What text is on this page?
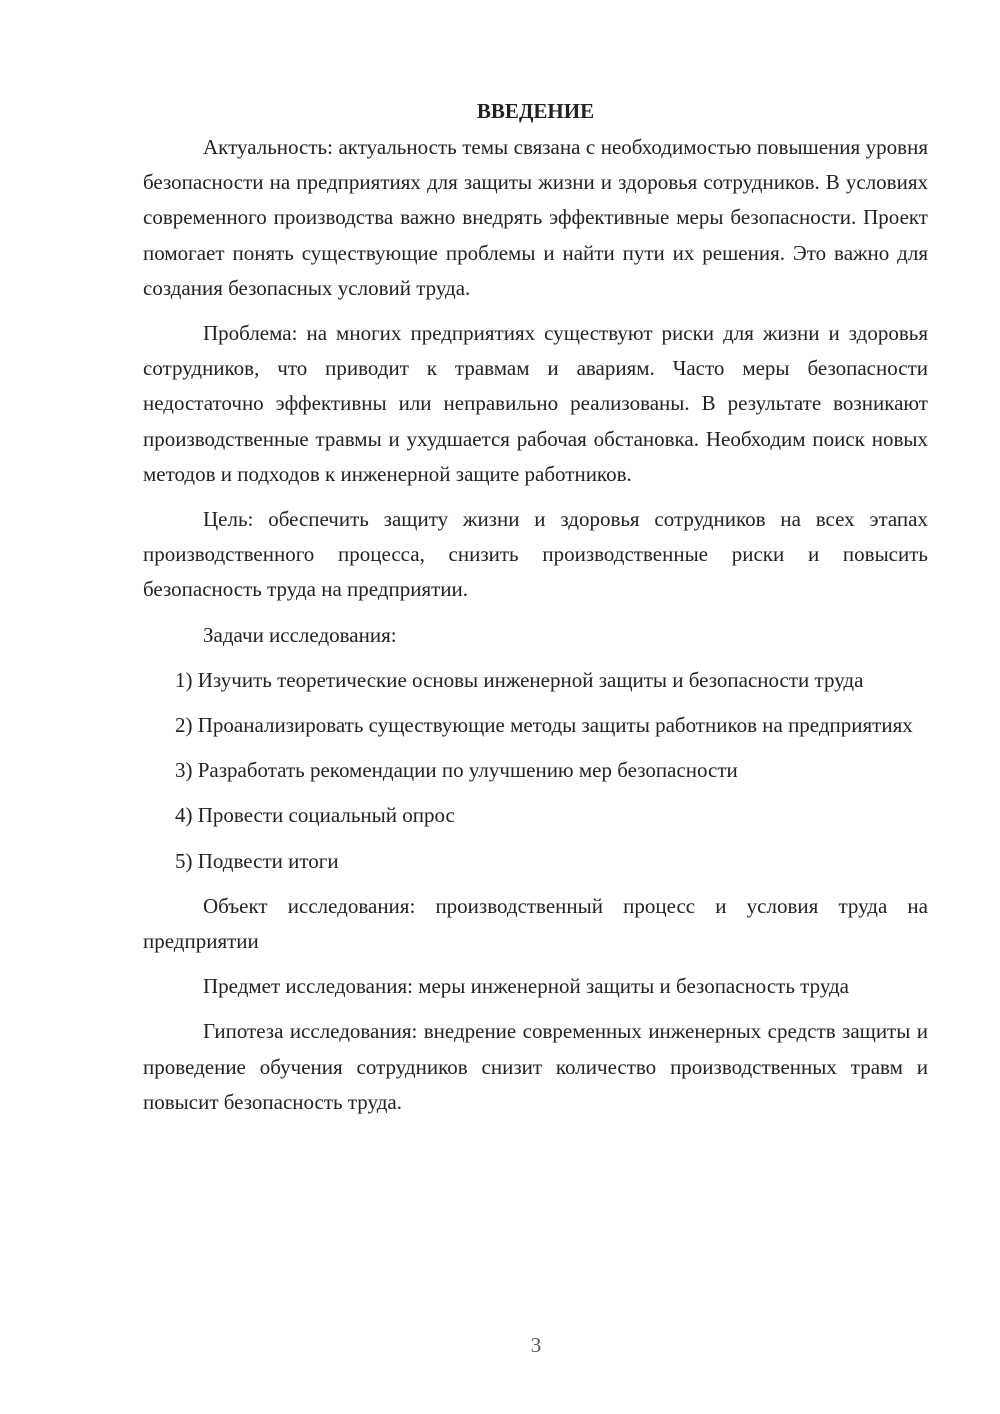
ВВЕДЕНИЕ

Актуальность: актуальность темы связана с необходимостью повышения уровня безопасности на предприятиях для защиты жизни и здоровья сотрудников. В условиях современного производства важно внедрять эффективные меры безопасности. Проект помогает понять существующие проблемы и найти пути их решения. Это важно для создания безопасных условий труда.

Проблема: на многих предприятиях существуют риски для жизни и здоровья сотрудников, что приводит к травмам и авариям. Часто меры безопасности недостаточно эффективны или неправильно реализованы. В результате возникают производственные травмы и ухудшается рабочая обстановка. Необходим поиск новых методов и подходов к инженерной защите работников.

Цель: обеспечить защиту жизни и здоровья сотрудников на всех этапах производственного процесса, снизить производственные риски и повысить безопасность труда на предприятии.

Задачи исследования:

1) Изучить теоретические основы инженерной защиты и безопасности труда

2) Проанализировать существующие методы защиты работников на предприятиях

3) Разработать рекомендации по улучшению мер безопасности

4) Провести социальный опрос

5) Подвести итоги

Объект исследования: производственный процесс и условия труда на предприятии

Предмет исследования: меры инженерной защиты и безопасность труда

Гипотеза исследования: внедрение современных инженерных средств защиты и проведение обучения сотрудников снизит количество производственных травм и повысит безопасность труда.

3
